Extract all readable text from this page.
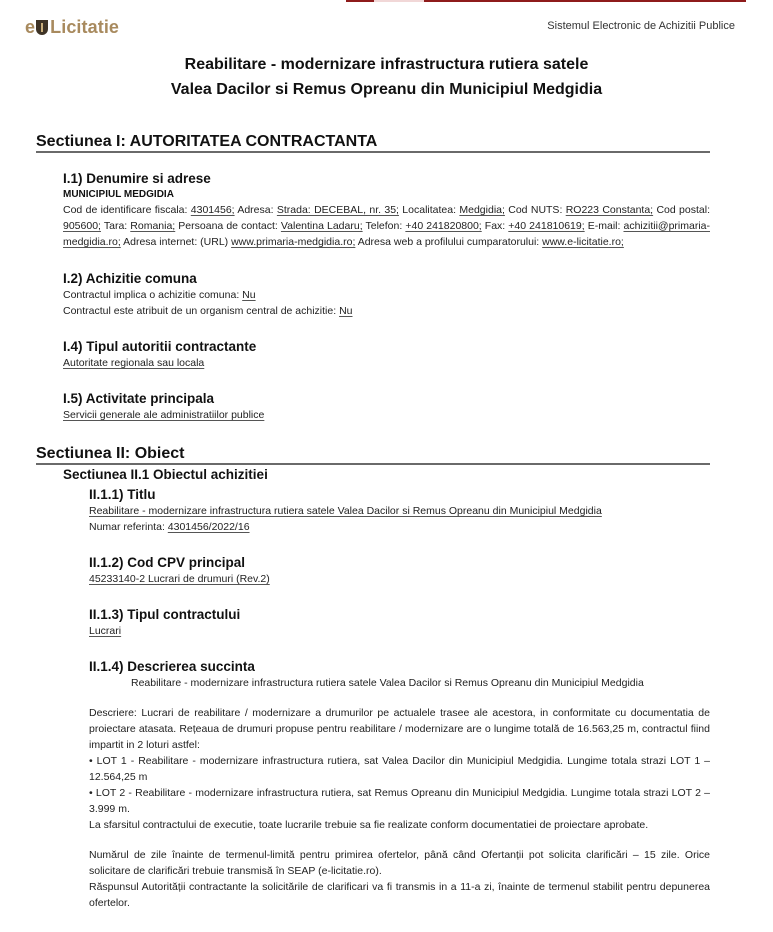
e Licitatie	Sistemul Electronic de Achizitii Publice
Reabilitare - modernizare infrastructura rutiera satele
Valea Dacilor si Remus Opreanu din Municipiul Medgidia
Sectiunea I: AUTORITATEA CONTRACTANTA
I.1) Denumire si adrese
MUNICIPIUL MEDGIDIA
Cod de identificare fiscala: 4301456; Adresa: Strada: DECEBAL, nr. 35; Localitatea: Medgidia; Cod NUTS: RO223 Constanta; Cod postal: 905600; Tara: Romania; Persoana de contact: Valentina Ladaru; Telefon: +40 241820800; Fax: +40 241810619; E-mail: achizitii@primaria-medgidia.ro; Adresa internet: (URL) www.primaria-medgidia.ro; Adresa web a profilului cumparatorului: www.e-licitatie.ro;
I.2) Achizitie comuna
Contractul implica o achizitie comuna: Nu
Contractul este atribuit de un organism central de achizitie: Nu
I.4) Tipul autoritii contractante
Autoritate regionala sau locala
I.5) Activitate principala
Servicii generale ale administratiilor publice
Sectiunea II: Obiect
Sectiunea II.1 Obiectul achizitiei
II.1.1) Titlu
Reabilitare - modernizare infrastructura rutiera satele Valea Dacilor si Remus Opreanu din Municipiul Medgidia
Numar referinta: 4301456/2022/16
II.1.2) Cod CPV principal
45233140-2 Lucrari de drumuri (Rev.2)
II.1.3) Tipul contractului
Lucrari
II.1.4) Descrierea succinta
Reabilitare - modernizare infrastructura rutiera satele Valea Dacilor si Remus Opreanu din Municipiul Medgidia
Descriere: Lucrari de reabilitare / modernizare a drumurilor pe actualele trasee ale acestora, in conformitate cu documentatia de proiectare atasata. Rețeaua de drumuri propuse pentru reabilitare / modernizare are o lungime totală de 16.563,25 m, contractul fiind impartit in 2 loturi astfel:
• LOT 1 - Reabilitare - modernizare infrastructura rutiera, sat Valea Dacilor din Municipiul Medgidia. Lungime totala strazi LOT 1 – 12.564,25 m
• LOT 2 - Reabilitare - modernizare infrastructura rutiera, sat Remus Opreanu din Municipiul Medgidia. Lungime totala strazi LOT 2 – 3.999 m.
La sfarsitul contractului de executie, toate lucrarile trebuie sa fie realizate conform documentatiei de proiectare aprobate.
Numărul de zile înainte de termenul-limită pentru primirea ofertelor, până când Ofertanții pot solicita clarificări – 15 zile. Orice solicitare de clarificări trebuie transmisă în SEAP (e-licitatie.ro).
Răspunsul Autorității contractante la solicitările de clarificari va fi transmis in a 11-a zi, înainte de termenul stabilit pentru depunerea ofertelor.
